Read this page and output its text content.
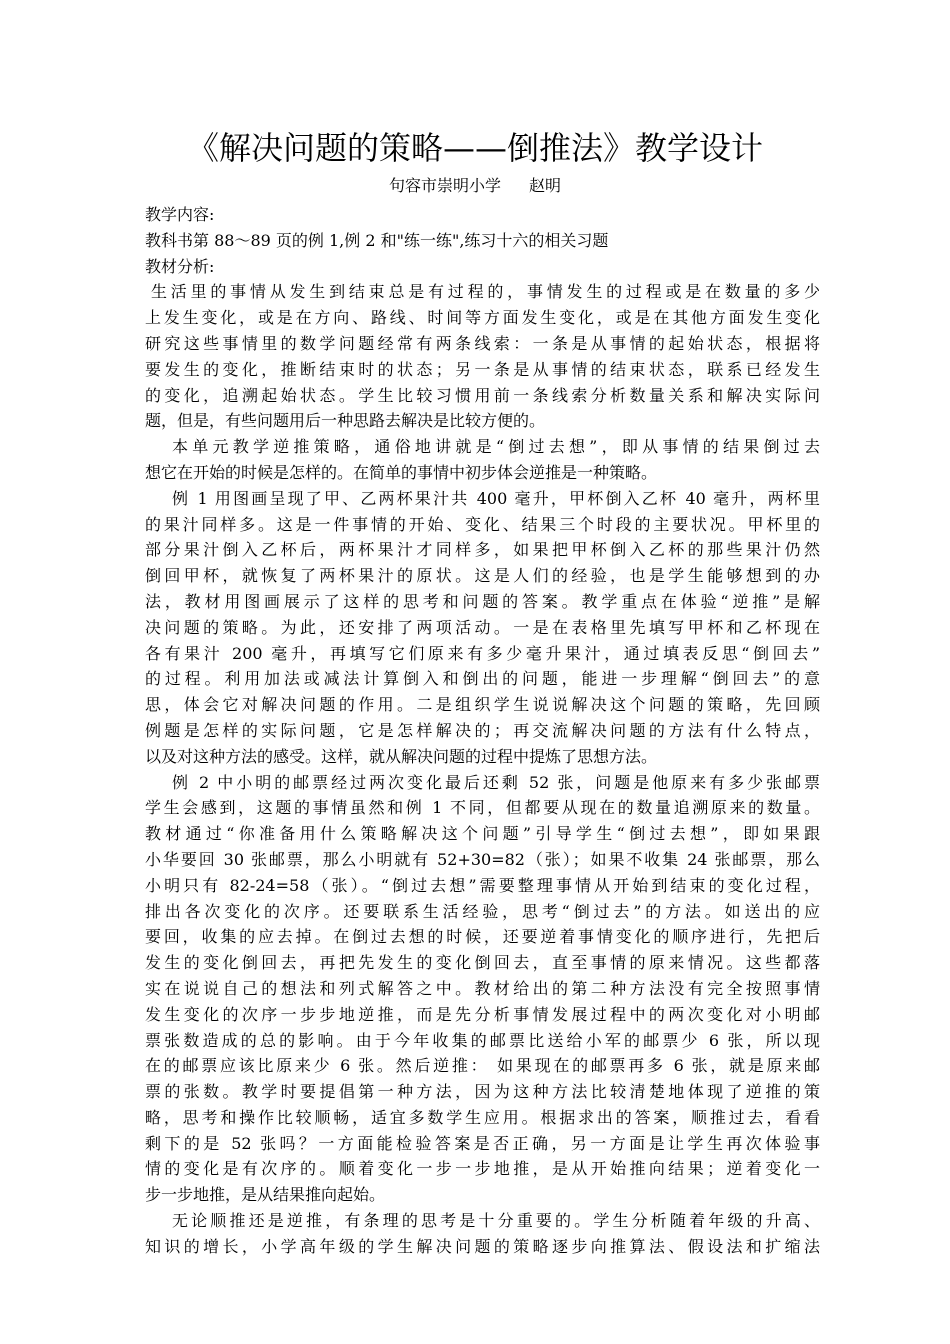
《解决问题的策略——倒推法》教学设计
句容市崇明小学 赵明
教学内容:
教科书第 88～89 页的例 1,例 2 和"练一练",练习十六的相关习题
教材分析:
生活里的事情从发生到结束总是有过程的，事情发生的过程或是在数量的多少
上发生变化，或是在方向、路线、时间等方面发生变化，或是在其他方面发生变化
研究这些事情里的数学问题经常有两条线索：一条是从事情的起始状态，根据将
要发生的变化，推断结束时的状态；另一条是从事情的结束状态，联系已经发生
的变化，追溯起始状态。学生比较习惯用前一条线索分析数量关系和解决实际问
题，但是，有些问题用后一种思路去解决是比较方便的。
本单元教学逆推策略，通俗地讲就是“倒过去想”，即从事情的结果倒过去
想它在开始的时候是怎样的。在简单的事情中初步体会逆推是一种策略。
例 1 用图画呈现了甲、乙两杯果汁共 400 毫升，甲杯倒入乙杯 40 毫升，两杯里
的果汁同样多。这是一件事情的开始、变化、结果三个时段的主要状况。甲杯里的
部分果汁倒入乙杯后，两杯果汁才同样多，如果把甲杯倒入乙杯的那些果汁仍然
倒回甲杯，就恢复了两杯果汁的原状。这是人们的经验，也是学生能够想到的办
法，教材用图画展示了这样的思考和问题的答案。教学重点在体验“逆推”是解
决问题的策略。为此，还安排了两项活动。一是在表格里先填写甲杯和乙杯现在
各有果汁 200 毫升，再填写它们原来有多少毫升果汁，通过填表反思“倒回去”
的过程。利用加法或减法计算倒入和倒出的问题，能进一步理解“倒回去”的意
思，体会它对解决问题的作用。二是组织学生说说解决这个问题的策略，先回顾
例题是怎样的实际问题，它是怎样解决的；再交流解决问题的方法有什么特点，
以及对这种方法的感受。这样，就从解决问题的过程中提炼了思想方法。
例 2 中小明的邮票经过两次变化最后还剩 52 张，问题是他原来有多少张邮票
学生会感到，这题的事情虽然和例 1 不同，但都要从现在的数量追溯原来的数量。
教材通过“你准备用什么策略解决这个问题”引导学生“倒过去想”，即如果跟
小华要回 30 张邮票，那么小明就有 52+30=82（张）；如果不收集 24 张邮票，那么
小明只有 82-24=58（张）。“倒过去想”需要整理事情从开始到结束的变化过程，
排出各次变化的次序。还要联系生活经验，思考“倒过去”的方法。如送出的应
要回，收集的应去掉。在倒过去想的时候，还要逆着事情变化的顺序进行，先把后
发生的变化倒回去，再把先发生的变化倒回去，直至事情的原来情况。这些都落
实在说说自己的想法和列式解答之中。教材给出的第二种方法没有完全按照事情
发生变化的次序一步步地逆推，而是先分析事情发展过程中的两次变化对小明邮
票张数造成的总的影响。由于今年收集的邮票比送给小军的邮票少 6 张，所以现
在的邮票应该比原来少 6 张。然后逆推： 如果现在的邮票再多 6 张，就是原来邮
票的张数。教学时要提倡第一种方法，因为这种方法比较清楚地体现了逆推的策
略，思考和操作比较顺畅，适宜多数学生应用。根据求出的答案，顺推过去，看看
剩下的是 52 张吗？一方面能检验答案是否正确，另一方面是让学生再次体验事
情的变化是有次序的。顺着变化一步一步地推，是从开始推向结果；逆着变化一
步一步地推，是从结果推向起始。
无论顺推还是逆推，有条理的思考是十分重要的。学生分析随着年级的升高、
知识的增长，小学高年级的学生解决问题的策略逐步向推算法、假设法和扩缩法
